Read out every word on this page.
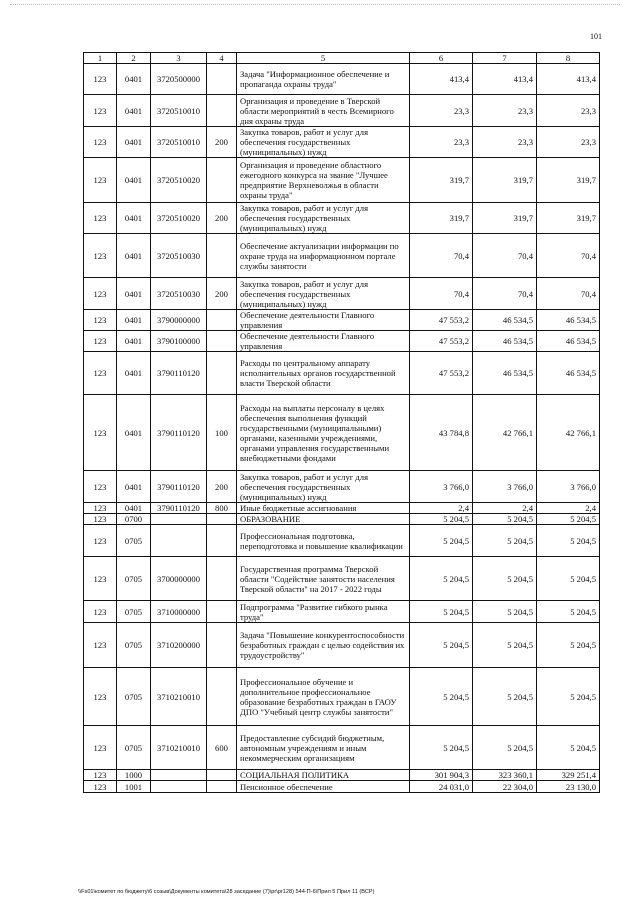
101
1	2	3	4	5	6	7	8
123	0401	3720500000		Задача "Информационное обеспечение и пропаганда охраны труда"	413,4	413,4	413,4
123	0401	3720510010		Организация и проведение в Тверской области мероприятий в честь Всемирного дня охраны труда	23,3	23,3	23,3
123	0401	3720510010	200	Закупка товаров, работ и услуг для обеспечения государственных (муниципальных) нужд	23,3	23,3	23,3
123	0401	3720510020		Организация и проведение областного ежегодного конкурса на звание "Лучшее предприятие Верхневолжья в области охраны труда"	319,7	319,7	319,7
123	0401	3720510020	200	Закупка товаров, работ и услуг для обеспечения государственных (муниципальных) нужд	319,7	319,7	319,7
123	0401	3720510030		Обеспечение актуализации информации по охране труда на информационном портале службы занятости	70,4	70,4	70,4
123	0401	3720510030	200	Закупка товаров, работ и услуг для обеспечения государственных (муниципальных) нужд	70,4	70,4	70,4
123	0401	3790000000		Обеспечение деятельности Главного управления	47 553,2	46 534,5	46 534,5
123	0401	3790100000		Обеспечение деятельности Главного управления	47 553,2	46 534,5	46 534,5
123	0401	3790110120		Расходы по центральному аппарату исполнительных органов государственной власти Тверской области	47 553,2	46 534,5	46 534,5
123	0401	3790110120	100	Расходы на выплаты персоналу в целях обеспечения выполнения функций государственными (муниципальными) органами, казенными учреждениями, органами управления государственными внебюджетными фондами	43 784,8	42 766,1	42 766,1
123	0401	3790110120	200	Закупка товаров, работ и услуг для обеспечения государственных (муниципальных) нужд	3 766,0	3 766,0	3 766,0
123	0401	3790110120	800	Иные бюджетные ассигнования	2,4	2,4	2,4
123	0700			ОБРАЗОВАНИЕ	5 204,5	5 204,5	5 204,5
123	0705			Профессиональная подготовка, переподготовка и повышение квалификации	5 204,5	5 204,5	5 204,5
123	0705	3700000000		Государственная программа Тверской области "Содействие занятости населения Тверской области" на 2017 - 2022 годы	5 204,5	5 204,5	5 204,5
123	0705	3710000000		Подпрограмма "Развитие гибкого рынка труда"	5 204,5	5 204,5	5 204,5
123	0705	3710200000		Задача "Повышение конкурентоспособности безработных граждан с целью содействия их трудоустройству"	5 204,5	5 204,5	5 204,5
123	0705	3710210010		Профессиональное обучение и дополнительное профессиональное образование безработных граждан в ГАОУ ДПО "Учебный центр службы занятости"	5 204,5	5 204,5	5 204,5
123	0705	3710210010	600	Предоставление субсидий бюджетным, автономным учреждениям и иным некоммерческим организациям	5 204,5	5 204,5	5 204,5
123	1000			СОЦИАЛЬНАЯ ПОЛИТИКА	301 904,3	323 360,1	329 251,4
123	1001			Пенсионное обеспечение	24 031,0	22 304,0	23 130,0
\\Fs01\комитет по бюджету\6 созыв\Документы комитета\28 заседание (7)\pr\pr128) 544-П-6\Прил 5 Прил 11 (ВСР)
